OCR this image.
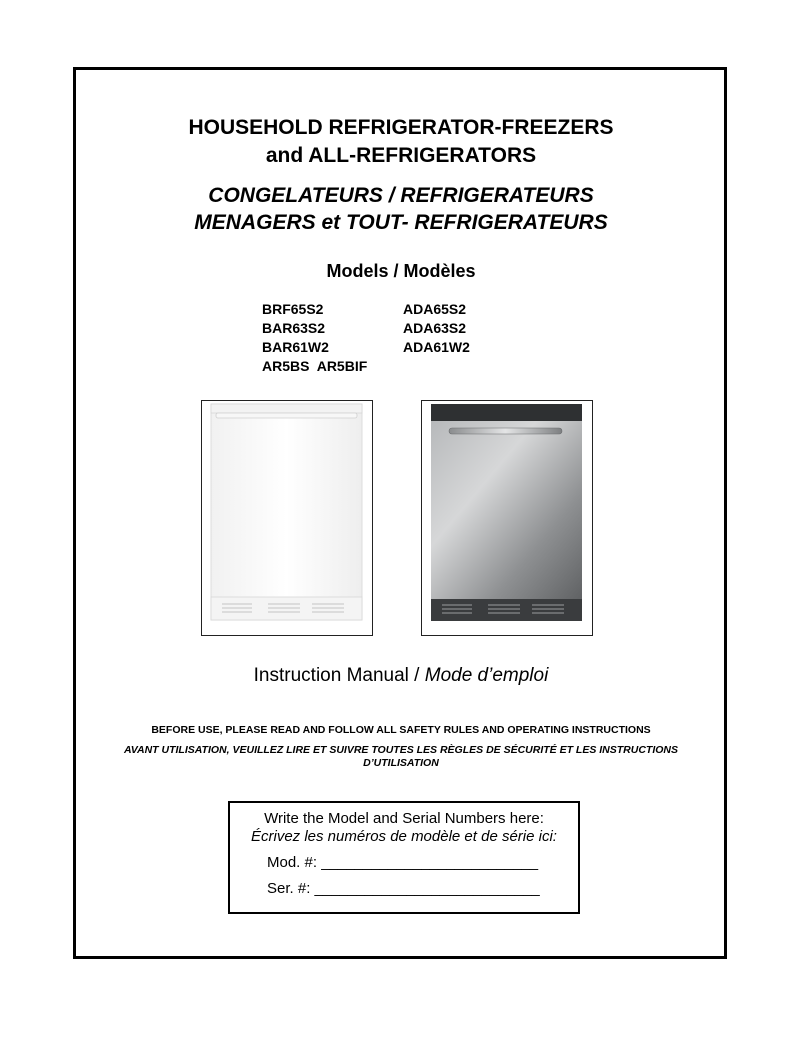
HOUSEHOLD REFRIGERATOR-FREEZERS
and ALL-REFRIGERATORS
CONGELATEURS / REFRIGERATEURS
MENAGERS et TOUT- REFRIGERATEURS
Models / Modèles
BRF65S2	ADA65S2
BAR63S2	ADA63S2
BAR61W2	ADA61W2
AR5BS  AR5BIF
Instruction Manual / Mode d’emploi
BEFORE USE, PLEASE READ AND FOLLOW ALL SAFETY RULES AND OPERATING INSTRUCTIONS
AVANT UTILISATION, VEUILLEZ LIRE ET SUIVRE TOUTES LES RÈGLES DE SÉCURITÉ ET LES INSTRUCTIONS D’UTILISATION
Write the Model and Serial Numbers here:
Écrivez les numéros de modèle et de série ici:
Mod. #: __________________________
Ser. #: ___________________________
